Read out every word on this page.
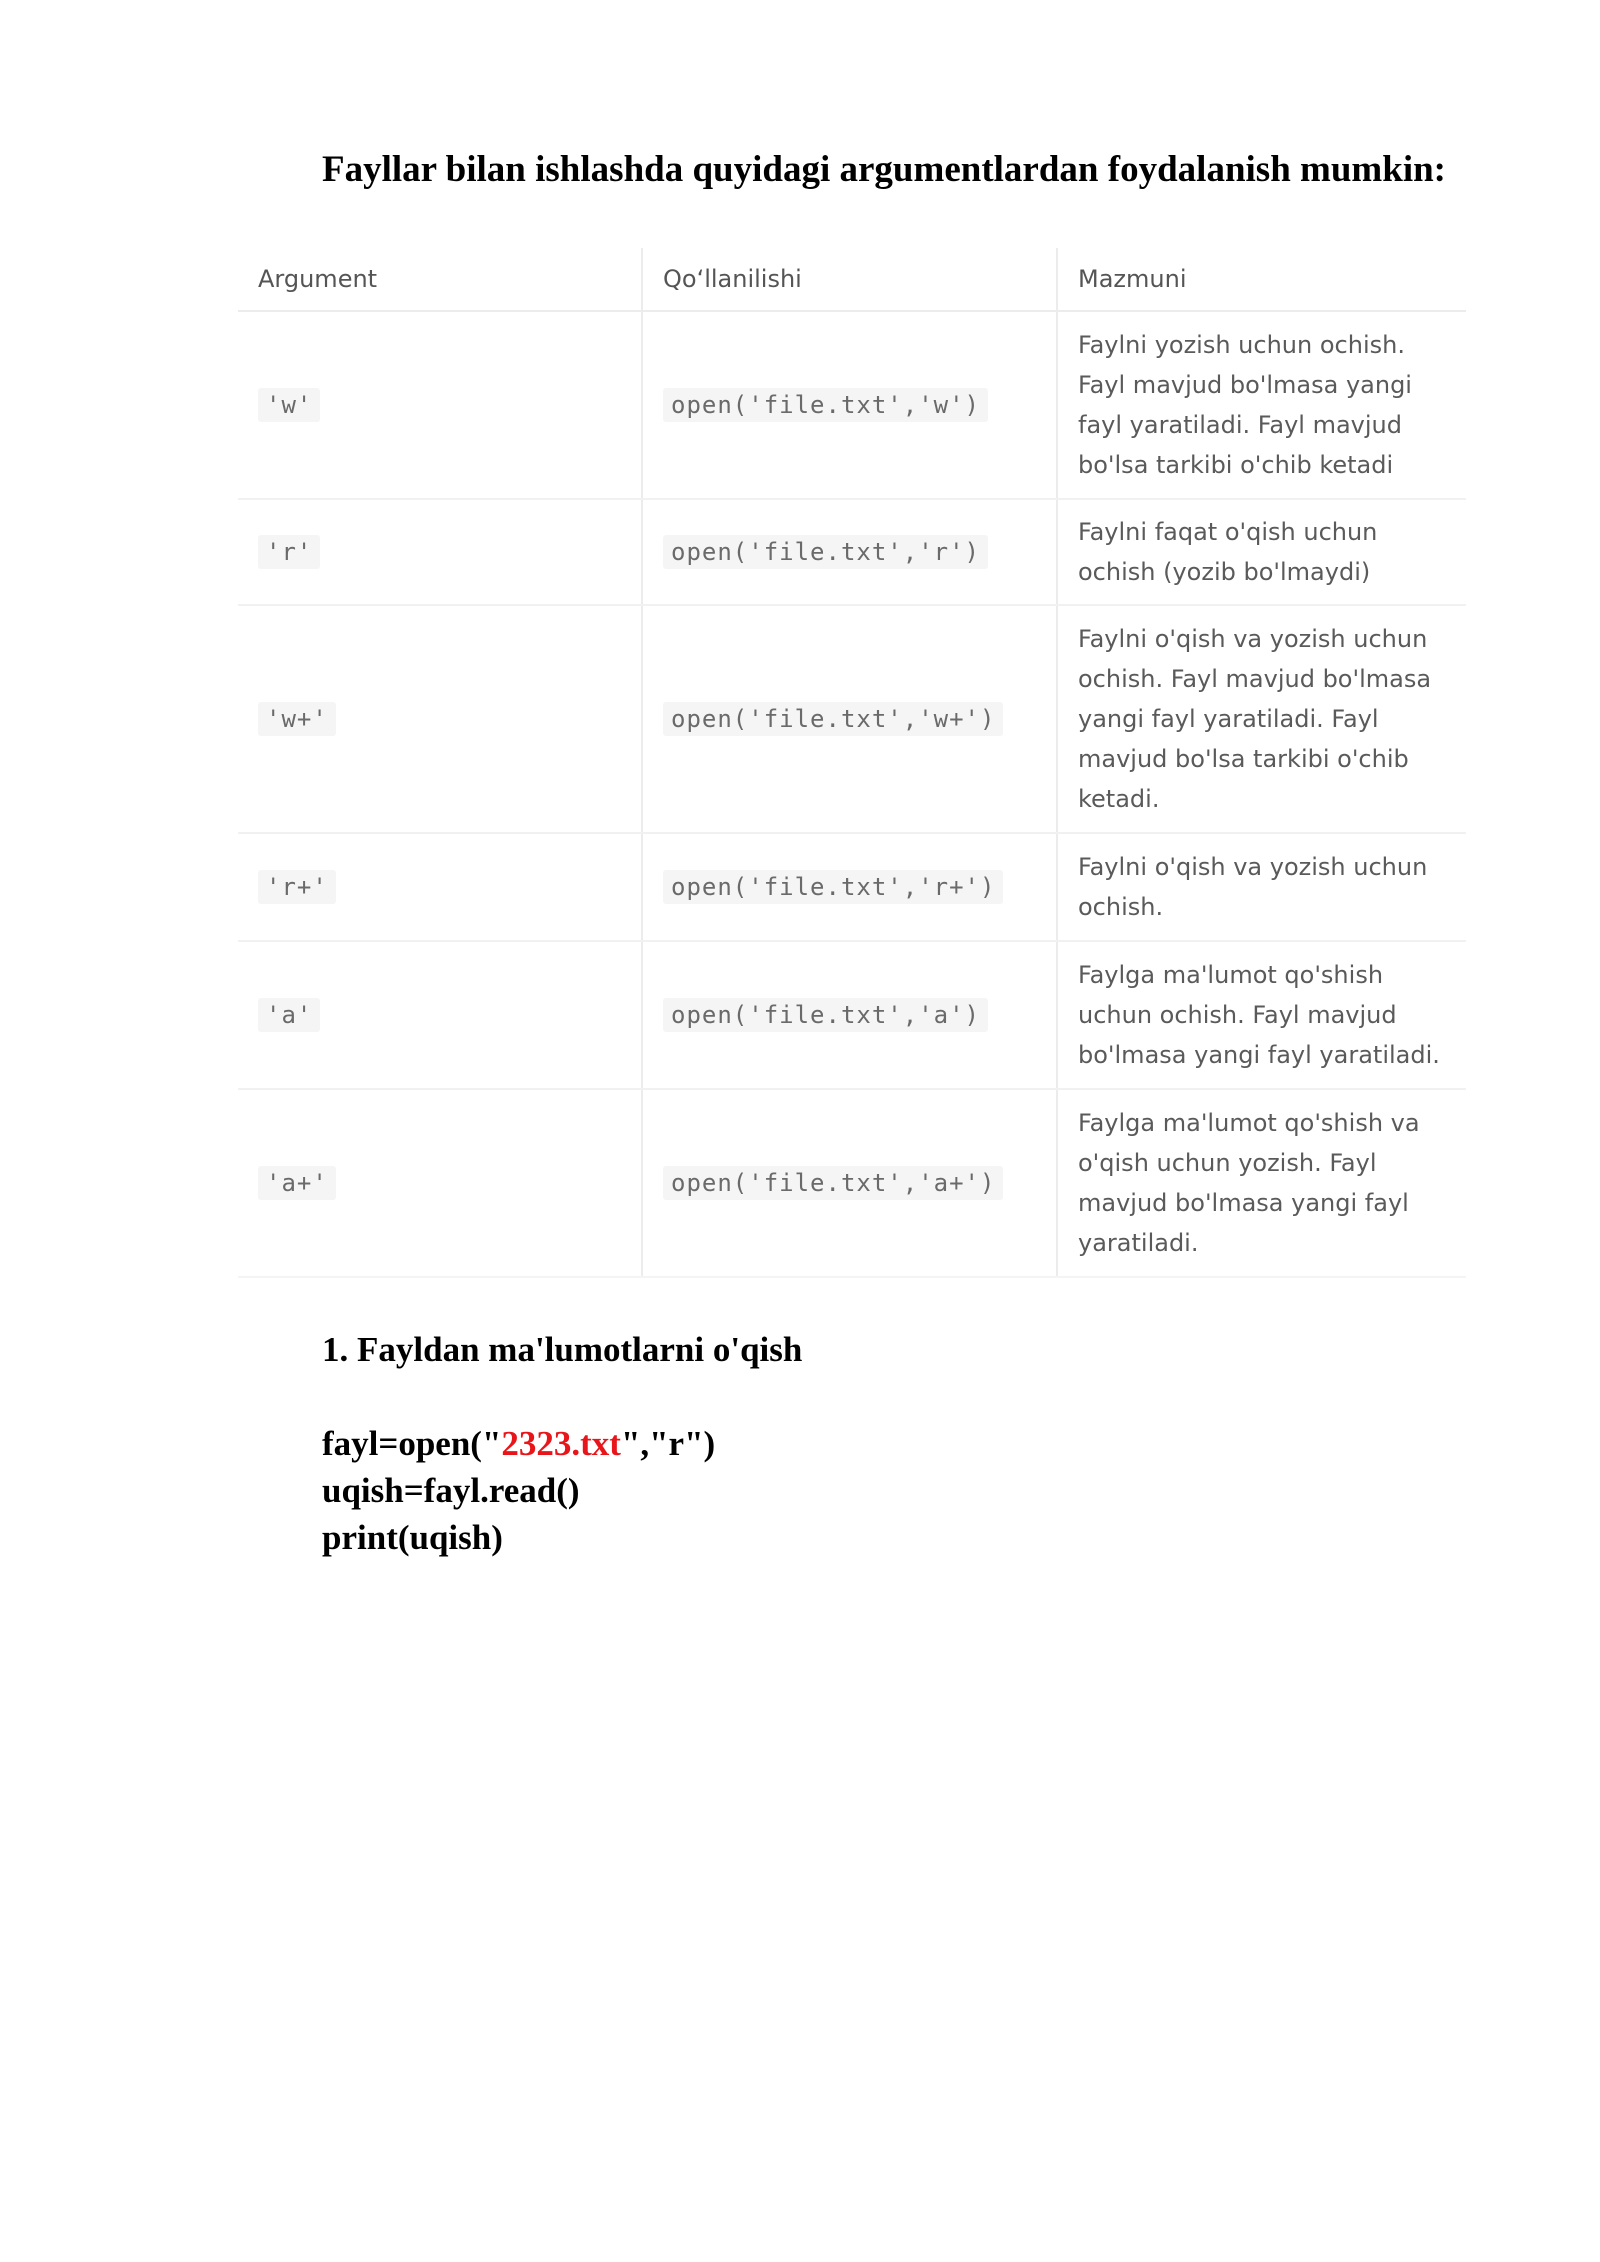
Fayllar bilan ishlashda quyidagi argumentlardan foydalanish mumkin:
Argument	Qo‘llanilishi	Mazmuni
'w'	open('file.txt','w')	Faylni yozish uchun ochish. Fayl mavjud bo'lmasa yangi fayl yaratiladi. Fayl mavjud bo'lsa tarkibi o'chib ketadi
'r'	open('file.txt','r')	Faylni faqat o'qish uchun ochish (yozib bo'lmaydi)
'w+'	open('file.txt','w+')	Faylni o'qish va yozish uchun ochish. Fayl mavjud bo'lmasa yangi fayl yaratiladi. Fayl mavjud bo'lsa tarkibi o'chib ketadi.
'r+'	open('file.txt','r+')	Faylni o'qish va yozish uchun ochish.
'a'	open('file.txt','a')	Faylga ma'lumot qo'shish uchun ochish. Fayl mavjud bo'lmasa yangi fayl yaratiladi.
'a+'	open('file.txt','a+')	Faylga ma'lumot qo'shish va o'qish uchun yozish. Fayl mavjud bo'lmasa yangi fayl yaratiladi.
1. Fayldan ma'lumotlarni o'qish
fayl=open("2323.txt","r")
uqish=fayl.read()
print(uqish)
